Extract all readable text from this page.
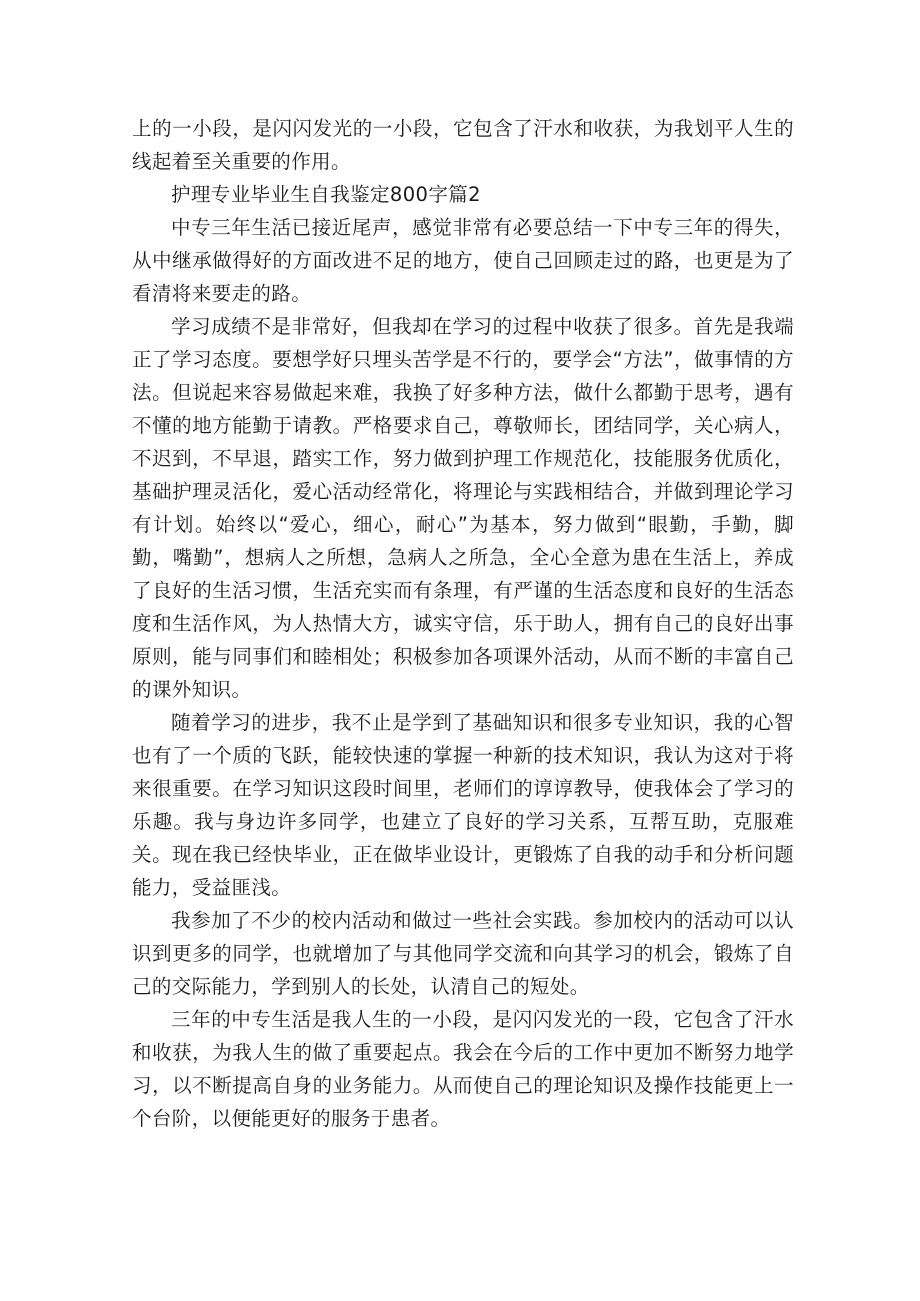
上的一小段，是闪闪发光的一小段，它包含了汗水和收获，为我划平人生的线起着至关重要的作用。

护理专业毕业生自我鉴定800字篇2

中专三年生活已接近尾声，感觉非常有必要总结一下中专三年的得失，从中继承做得好的方面改进不足的地方，使自己回顾走过的路，也更是为了看清将来要走的路。

学习成绩不是非常好，但我却在学习的过程中收获了很多。首先是我端正了学习态度。要想学好只埋头苦学是不行的，要学会“方法”，做事情的方法。但说起来容易做起来难，我换了好多种方法，做什么都勤于思考，遇有不懂的地方能勤于请教。严格要求自己，尊敬师长，团结同学，关心病人，不迟到，不早退，踏实工作，努力做到护理工作规范化，技能服务优质化，基础护理灵活化，爱心活动经常化，将理论与实践相结合，并做到理论学习有计划。始终以“爱心，细心，耐心”为基本，努力做到“眼勤，手勤，脚勤，嘴勤”，想病人之所想，急病人之所急，全心全意为患在生活上，养成了良好的生活习惯，生活充实而有条理，有严谨的生活态度和良好的生活态度和生活作风，为人热情大方，诚实守信，乐于助人，拥有自己的良好出事原则，能与同事们和睦相处；积极参加各项课外活动，从而不断的丰富自己的课外知识。

随着学习的进步，我不止是学到了基础知识和很多专业知识，我的心智也有了一个质的飞跃，能较快速的掌握一种新的技术知识，我认为这对于将来很重要。在学习知识这段时间里，老师们的谆谆教导，使我体会了学习的乐趣。我与身边许多同学，也建立了良好的学习关系，互帮互助，克服难关。现在我已经快毕业，正在做毕业设计，更锻炼了自我的动手和分析问题能力，受益匪浅。

我参加了不少的校内活动和做过一些社会实践。参加校内的活动可以认识到更多的同学，也就增加了与其他同学交流和向其学习的机会，锻炼了自己的交际能力，学到别人的长处，认清自己的短处。

三年的中专生活是我人生的一小段，是闪闪发光的一段，它包含了汗水和收获，为我人生的做了重要起点。我会在今后的工作中更加不断努力地学习，以不断提高自身的业务能力。从而使自己的理论知识及操作技能更上一个台阶，以便能更好的服务于患者。
